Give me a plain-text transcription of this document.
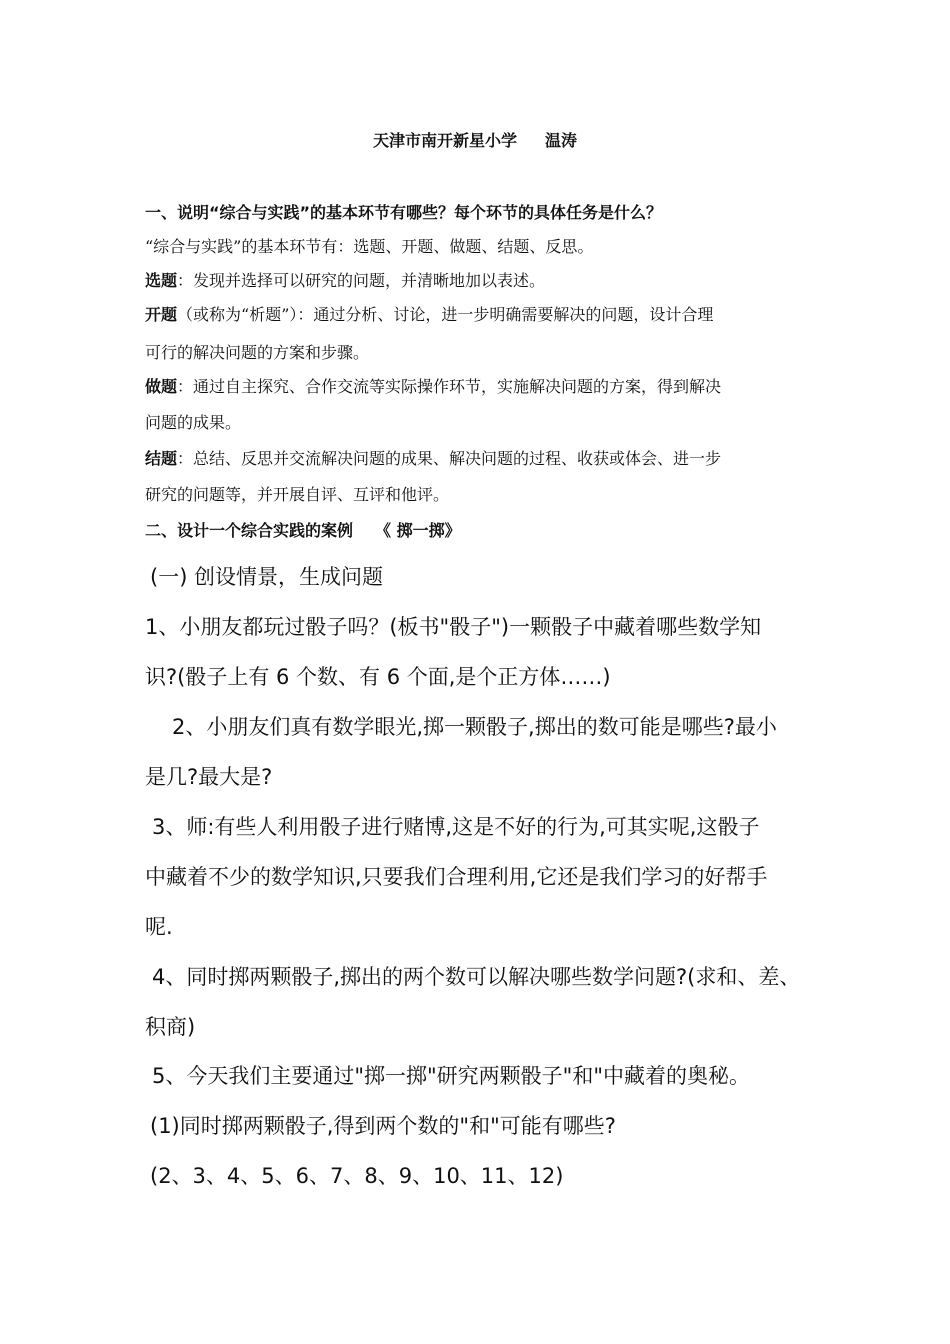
天津市南开新星小学 温涛
一、说明“综合与实践”的基本环节有哪些？每个环节的具体任务是什么？
“综合与实践”的基本环节有：选题、开题、做题、结题、反思。
选题：发现并选择可以研究的问题，并清晰地加以表述。
开题（或称为“析题”）：通过分析、讨论，进一步明确需要解决的问题，设计合理
可行的解决问题的方案和步骤。
做题：通过自主探究、合作交流等实际操作环节，实施解决问题的方案，得到解决
问题的成果。
结题：总结、反思并交流解决问题的成果、解决问题的过程、收获或体会、进一步
研究的问题等，并开展自评、互评和他评。
二、设计一个综合实践的案例 《 掷一掷》
(一) 创设情景，生成问题
1、小朋友都玩过骰子吗？(板书"骰子")一颗骰子中藏着哪些数学知
识?(骰子上有 6 个数、有 6 个面,是个正方体……)
2、小朋友们真有数学眼光,掷一颗骰子,掷出的数可能是哪些?最小
是几?最大是?
3、师:有些人利用骰子进行赌博,这是不好的行为,可其实呢,这骰子
中藏着不少的数学知识,只要我们合理利用,它还是我们学习的好帮手
呢.
4、同时掷两颗骰子,掷出的两个数可以解决哪些数学问题?(求和、差、
积商)
5、今天我们主要通过"掷一掷"研究两颗骰子"和"中藏着的奥秘。
(1)同时掷两颗骰子,得到两个数的"和"可能有哪些?
(2、3、4、5、6、7、8、9、10、11、12)
